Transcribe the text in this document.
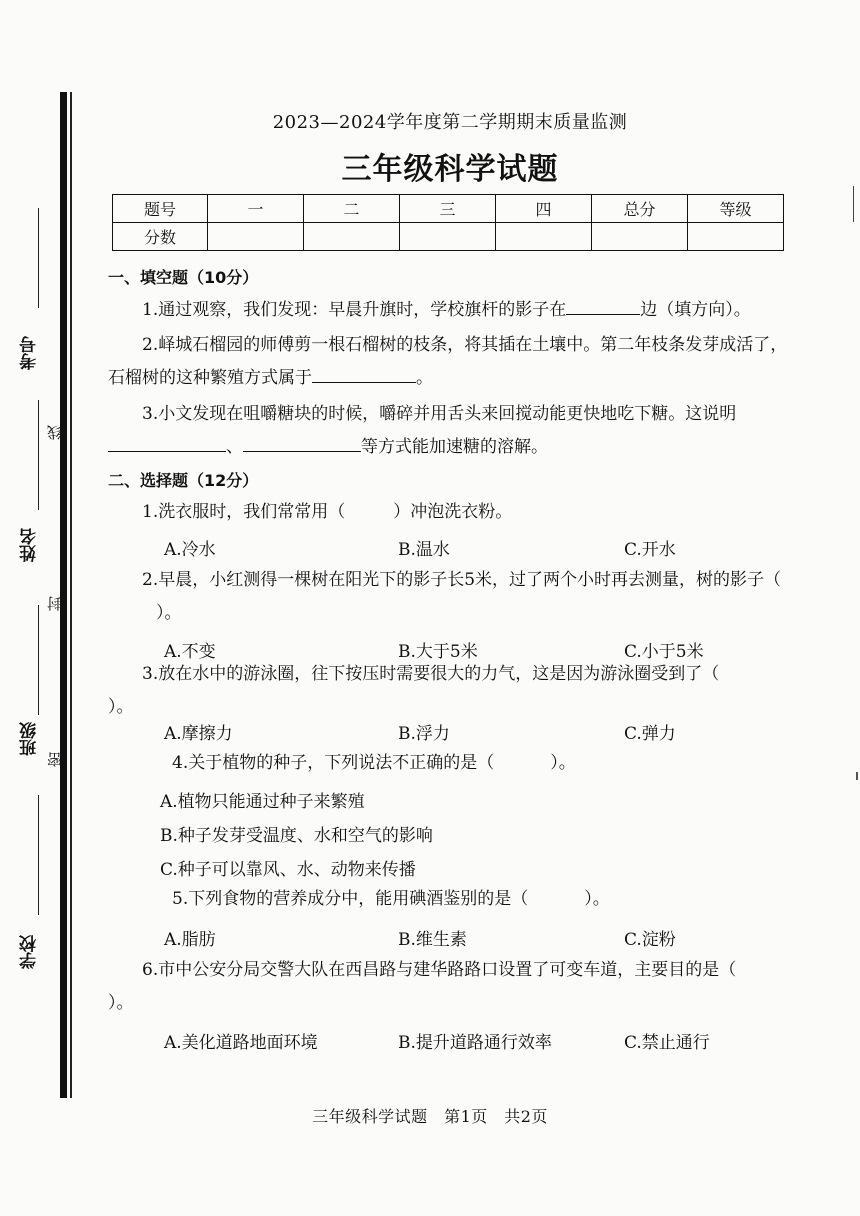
考号
线
姓名
封
班级
密
学校
2023—2024学年度第二学期期末质量监测
三年级科学试题
题号	一	二	三	四	总分	等级
分数						
一、填空题（10分）
1.通过观察，我们发现：早晨升旗时，学校旗杆的影子在	边（填方向）。
2.峄城石榴园的师傅剪一根石榴树的枝条，将其插在土壤中。第二年枝条发芽成活了，石榴树的这种繁殖方式属于	。
3.小文发现在咀嚼糖块的时候，嚼碎并用舌头来回搅动能更快地吃下糖。这说明、	等方式能加速糖的溶解。
二、选择题（12分）
1.洗衣服时，我们常常用（	）冲泡洗衣粉。
A.冷水	B.温水	C.开水
2.早晨，小红测得一棵树在阳光下的影子长5米，过了两个小时再去测量，树的影子（）。
A.不变	B.大于5米	C.小于5米
3.放在水中的游泳圈，往下按压时需要很大的力气，这是因为游泳圈受到了（）。
A.摩擦力	B.浮力	C.弹力
4.关于植物的种子，下列说法不正确的是（	）。
A.植物只能通过种子来繁殖
B.种子发芽受温度、水和空气的影响
C.种子可以靠风、水、动物来传播
5.下列食物的营养成分中，能用碘酒鉴别的是（	）。
A.脂肪	B.维生素	C.淀粉
6.市中公安分局交警大队在西昌路与建华路路口设置了可变车道，主要目的是（）。
A.美化道路地面环境	B.提升道路通行效率	C.禁止通行
三年级科学试题　第1页　共2页
